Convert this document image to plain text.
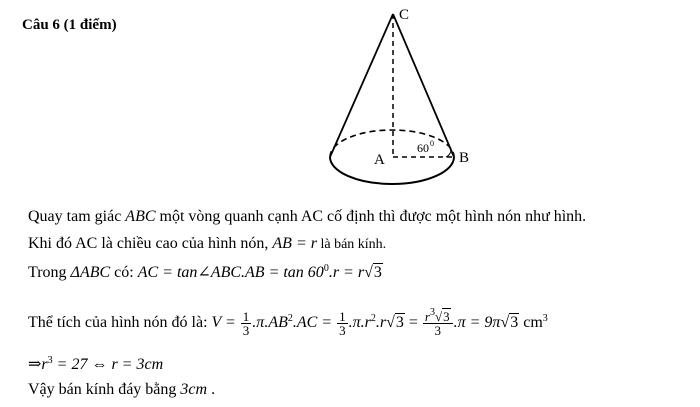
Câu 6 (1 điểm)
C
A	B
60 0
Quay tam giác ABC một vòng quanh cạnh AC cố định thì được một hình nón như hình.
Khi đó AC là chiều cao của hình nón, AB = r là bán kính.
Trong ΔABC có: AC = tan∠ABC.AB = $\tan 60^0.r = r√3$
Thể tích của hình nón đó là: $V = \frac{1}{3} .\pi.AB^2.AC = \frac{1}{3} .\pi.r^2.r√3 = \frac{r^3√3}{3} .\pi = 9\pi√3$ $cm^3$
$\Rightarrow r^3 = 27$ ⇔ r = 3cm
Vậy bán kính đáy bằng 3cm .
